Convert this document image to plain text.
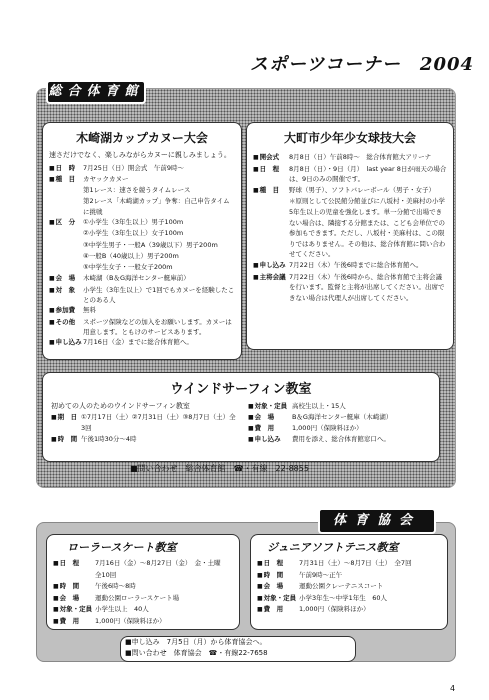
スポーツコーナー　2004
総合体育館
木崎湖カップカヌー大会
速さだけでなく、楽しみながらカヌーに親しみましょう。
■ 日　時	7月25日（日）開会式　午前9時～
■ 種　目	カヤックカヌー
第1レース：速さを競うタイムレース
第2レース「木崎湖カップ」争奪：自己申告タイムに挑戦
■ 区　分	①小学生（3年生以上）男子100m
②小学生（3年生以上）女子100m
③中学生男子・一般A（39歳以下）男子200m
④一般B（40歳以上）男子200m
⑤中学生女子・一般女子200m
■ 会　場	木崎湖（B＆G海洋センター艇庫前）
■ 対　象	小学生（3年生以上）で1回でもカヌーを経験したことのある人
■ 参加費	無料
■ その他	スポーツ保険などの加入をお願いします。カヌーは用意します。ともけのサービスあります。
■ 申し込み 7月16日（金）までに総合体育館へ。
大町市少年少女球技大会
■ 開会式	8月8日（日）午前8時～　総合体育館大アリーナ
■ 日　程	8月8日（日）・9日（月）　last year 8日が雨天の場合は、9日のみの開催です。
■ 種　目	野球（男子）、ソフトバレーボール（男子・女子）
＊原則として公民館分館並びに八坂村・美麻村の小学5年生以上の児童を強化します。単一分館で出場できない場合は、隣接する分館または、こども会単位での参加もできます。ただし、八坂村・美麻村は、この限りではありません。その他は、総合体育館に問い合わせてください。
■ 申し込み 7月22日（木）午後6時までに総合体育館へ。
■ 主将会議 7月22日（木）午後6時から、総合体育館で主将会議を行います。監督と主将が出席してください。出席できない場合は代理人が出席してください。
ウインドサーフィン教室
初めての人のためのウインドサーフィン教室
■ 期　日 ①7月17日（土）②7月31日（土）③8月7日（土）全3回
■ 時　間 午後1時30分～4時
■ 対象・定員 高校生以上・15人
■ 会　場	B＆G海洋センター艇庫（木崎湖）
■ 費　用	1,000円（保険料ほか）
■ 申し込み	費用を添え、総合体育館窓口へ。
■問い合わせ　総合体育館　☎・有線　22-8855
体育協会
ローラースケート教室
■ 日　程	7月16日（金）～8月27日（金）　金・土曜　全10回
■ 時　間	午後6時～8時
■ 会　場	運動公園ローラースケート場
■ 対象・定員 小学生以上　40人
■ 費　用	1,000円（保険料ほか）
ジュニアソフトテニス教室
■ 日　程	7月31日（土）～8月7日（土）　全7回
■ 時　間	午前9時～正午
■ 会　場	運動公園クレーテニスコート
■ 対象・定員 小学3年生～中学1年生　60人
■ 費　用	1,000円（保険料ほか）
■申し込み　7月5日（月）から体育協会へ。
■問い合わせ　体育協会　☎・有線22-7658
4
